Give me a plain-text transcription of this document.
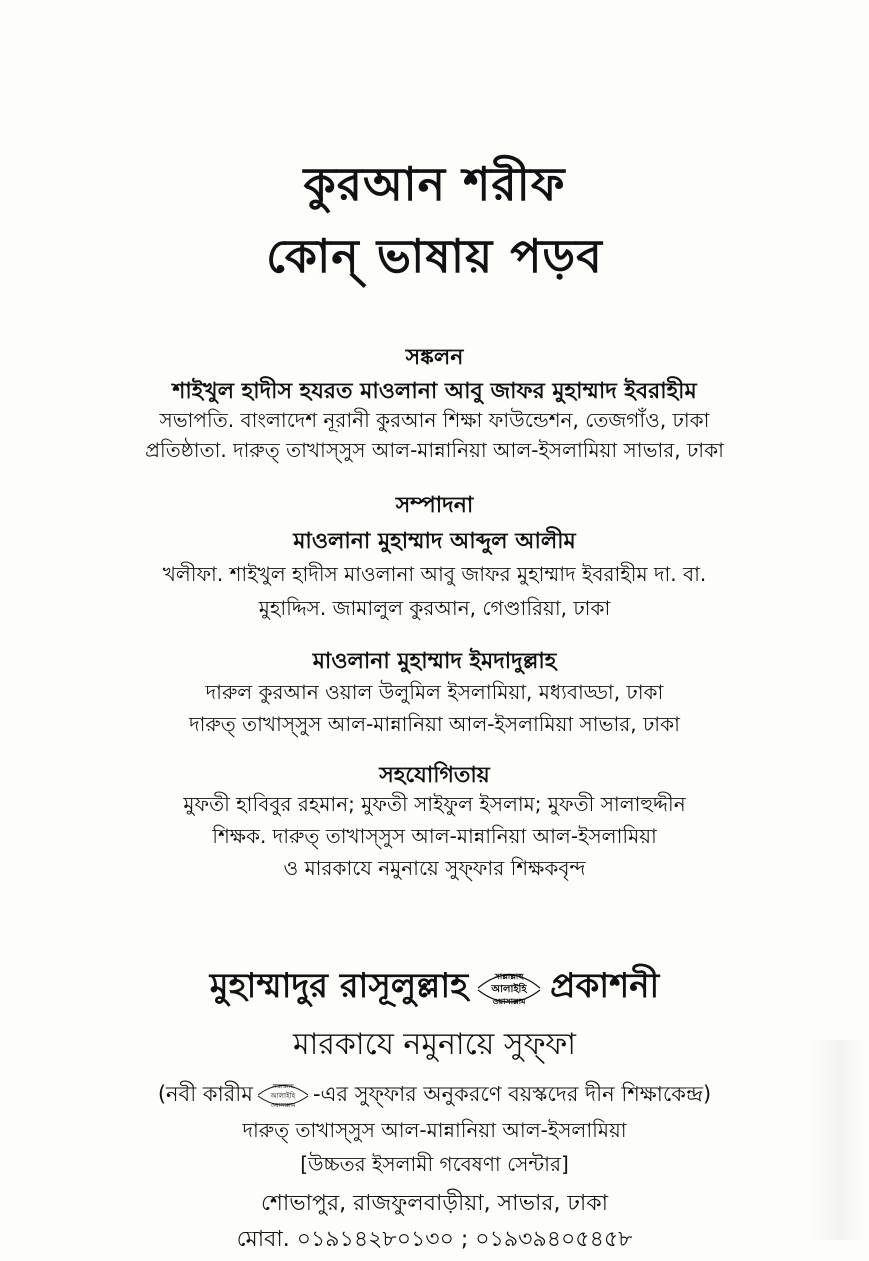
কুরআন শরীফ
কোন্ ভাষায় পড়ব
সঙ্কলন
শাইখুল হাদীস হযরত মাওলানা আবু জাফর মুহাম্মাদ ইবরাহীম
সভাপতি. বাংলাদেশ নূরানী কুরআন শিক্ষা ফাউন্ডেশন, তেজগাঁও, ঢাকা
প্রতিষ্ঠাতা. দারুত্ তাখাস্সুস আল-মান্নানিয়া আল-ইসলামিয়া সাভার, ঢাকা
সম্পাদনা
মাওলানা মুহাম্মাদ আব্দুল আলীম
খলীফা. শাইখুল হাদীস মাওলানা আবু জাফর মুহাম্মাদ ইবরাহীম দা. বা.
মুহাদ্দিস. জামালুল কুরআন, গেণ্ডারিয়া, ঢাকা
মাওলানা মুহাম্মাদ ইমদাদুল্লাহ
দারুল কুরআন ওয়াল উলুমিল ইসলামিয়া, মধ্যবাড্ডা, ঢাকা
দারুত্ তাখাস্সুস আল-মান্নানিয়া আল-ইসলামিয়া সাভার, ঢাকা
সহযোগিতায়
মুফতী হাবিবুর রহমান; মুফতী সাইফুল ইসলাম; মুফতী সালাহুদ্দীন
শিক্ষক. দারুত্ তাখাস্সুস আল-মান্নানিয়া আল-ইসলামিয়া
ও মারকাযে নমুনায়ে সুফ্ফার শিক্ষকবৃন্দ
মুহাম্মাদুর রাসূলুল্লাহ	সাল্লাল্লাহু
আলাইহি
ওয়াসাল্লাম প্রকাশনী
মারকাযে নমুনায়ে সুফ্ফা
(নবী কারীম	সাল্লাল্লাহু
আলাইহি
ওয়াসাল্লাম -এর সুফ্ফার অনুকরণে বয়স্কদের দীন শিক্ষাকেন্দ্র)
দারুত্ তাখাস্সুস আল-মান্নানিয়া আল-ইসলামিয়া
[উচ্চতর ইসলামী গবেষণা সেন্টার]
শোভাপুর, রাজফুলবাড়ীয়া, সাভার, ঢাকা
মোবা. ০১৯১৪২৮০১৩০ ; ০১৯৩৯৪০৫৪৫৮
